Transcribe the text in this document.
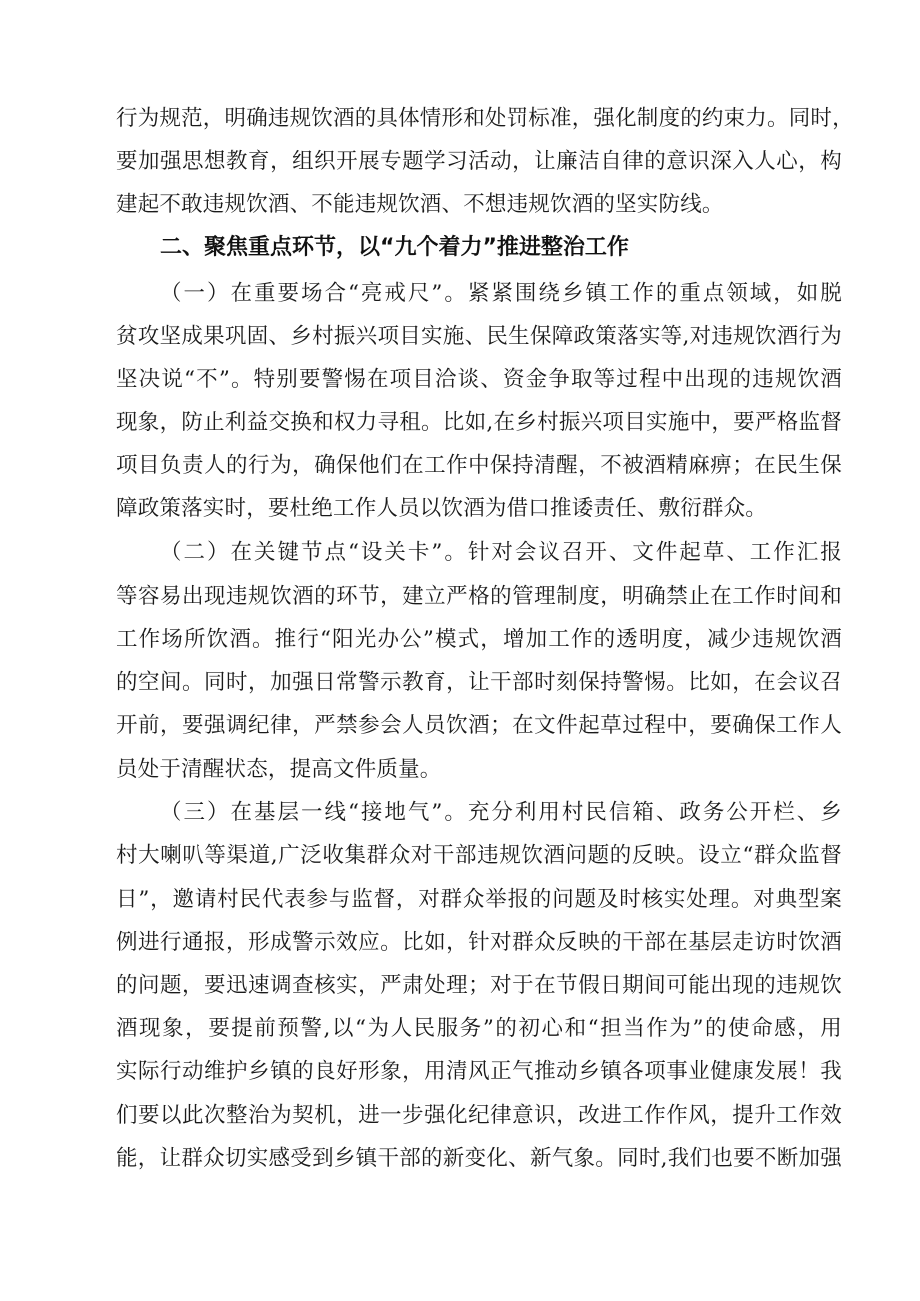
行为规范，明确违规饮酒的具体情形和处罚标准，强化制度的约束力。同时，
要加强思想教育，组织开展专题学习活动，让廉洁自律的意识深入人心，构
建起不敢违规饮酒、不能违规饮酒、不想违规饮酒的坚实防线。
二、聚焦重点环节，以“九个着力”推进整治工作
（一）在重要场合“亮戒尺”。紧紧围绕乡镇工作的重点领域，如脱
贫攻坚成果巩固、乡村振兴项目实施、民生保障政策落实等,对违规饮酒行为
坚决说“不”。特别要警惕在项目洽谈、资金争取等过程中出现的违规饮酒
现象，防止利益交换和权力寻租。比如,在乡村振兴项目实施中，要严格监督
项目负责人的行为，确保他们在工作中保持清醒，不被酒精麻痹；在民生保
障政策落实时，要杜绝工作人员以饮酒为借口推诿责任、敷衍群众。
（二）在关键节点“设关卡”。针对会议召开、文件起草、工作汇报
等容易出现违规饮酒的环节，建立严格的管理制度，明确禁止在工作时间和
工作场所饮酒。推行“阳光办公”模式，增加工作的透明度，减少违规饮酒
的空间。同时，加强日常警示教育，让干部时刻保持警惕。比如，在会议召
开前，要强调纪律，严禁参会人员饮酒；在文件起草过程中，要确保工作人
员处于清醒状态，提高文件质量。
（三）在基层一线“接地气”。充分利用村民信箱、政务公开栏、乡
村大喇叭等渠道,广泛收集群众对干部违规饮酒问题的反映。设立“群众监督
日”，邀请村民代表参与监督，对群众举报的问题及时核实处理。对典型案
例进行通报，形成警示效应。比如，针对群众反映的干部在基层走访时饮酒
的问题，要迅速调查核实，严肃处理；对于在节假日期间可能出现的违规饮
酒现象，要提前预警,以“为人民服务”的初心和“担当作为”的使命感，用
实际行动维护乡镇的良好形象，用清风正气推动乡镇各项事业健康发展！我
们要以此次整治为契机，进一步强化纪律意识，改进工作作风，提升工作效
能，让群众切实感受到乡镇干部的新变化、新气象。同时,我们也要不断加强
